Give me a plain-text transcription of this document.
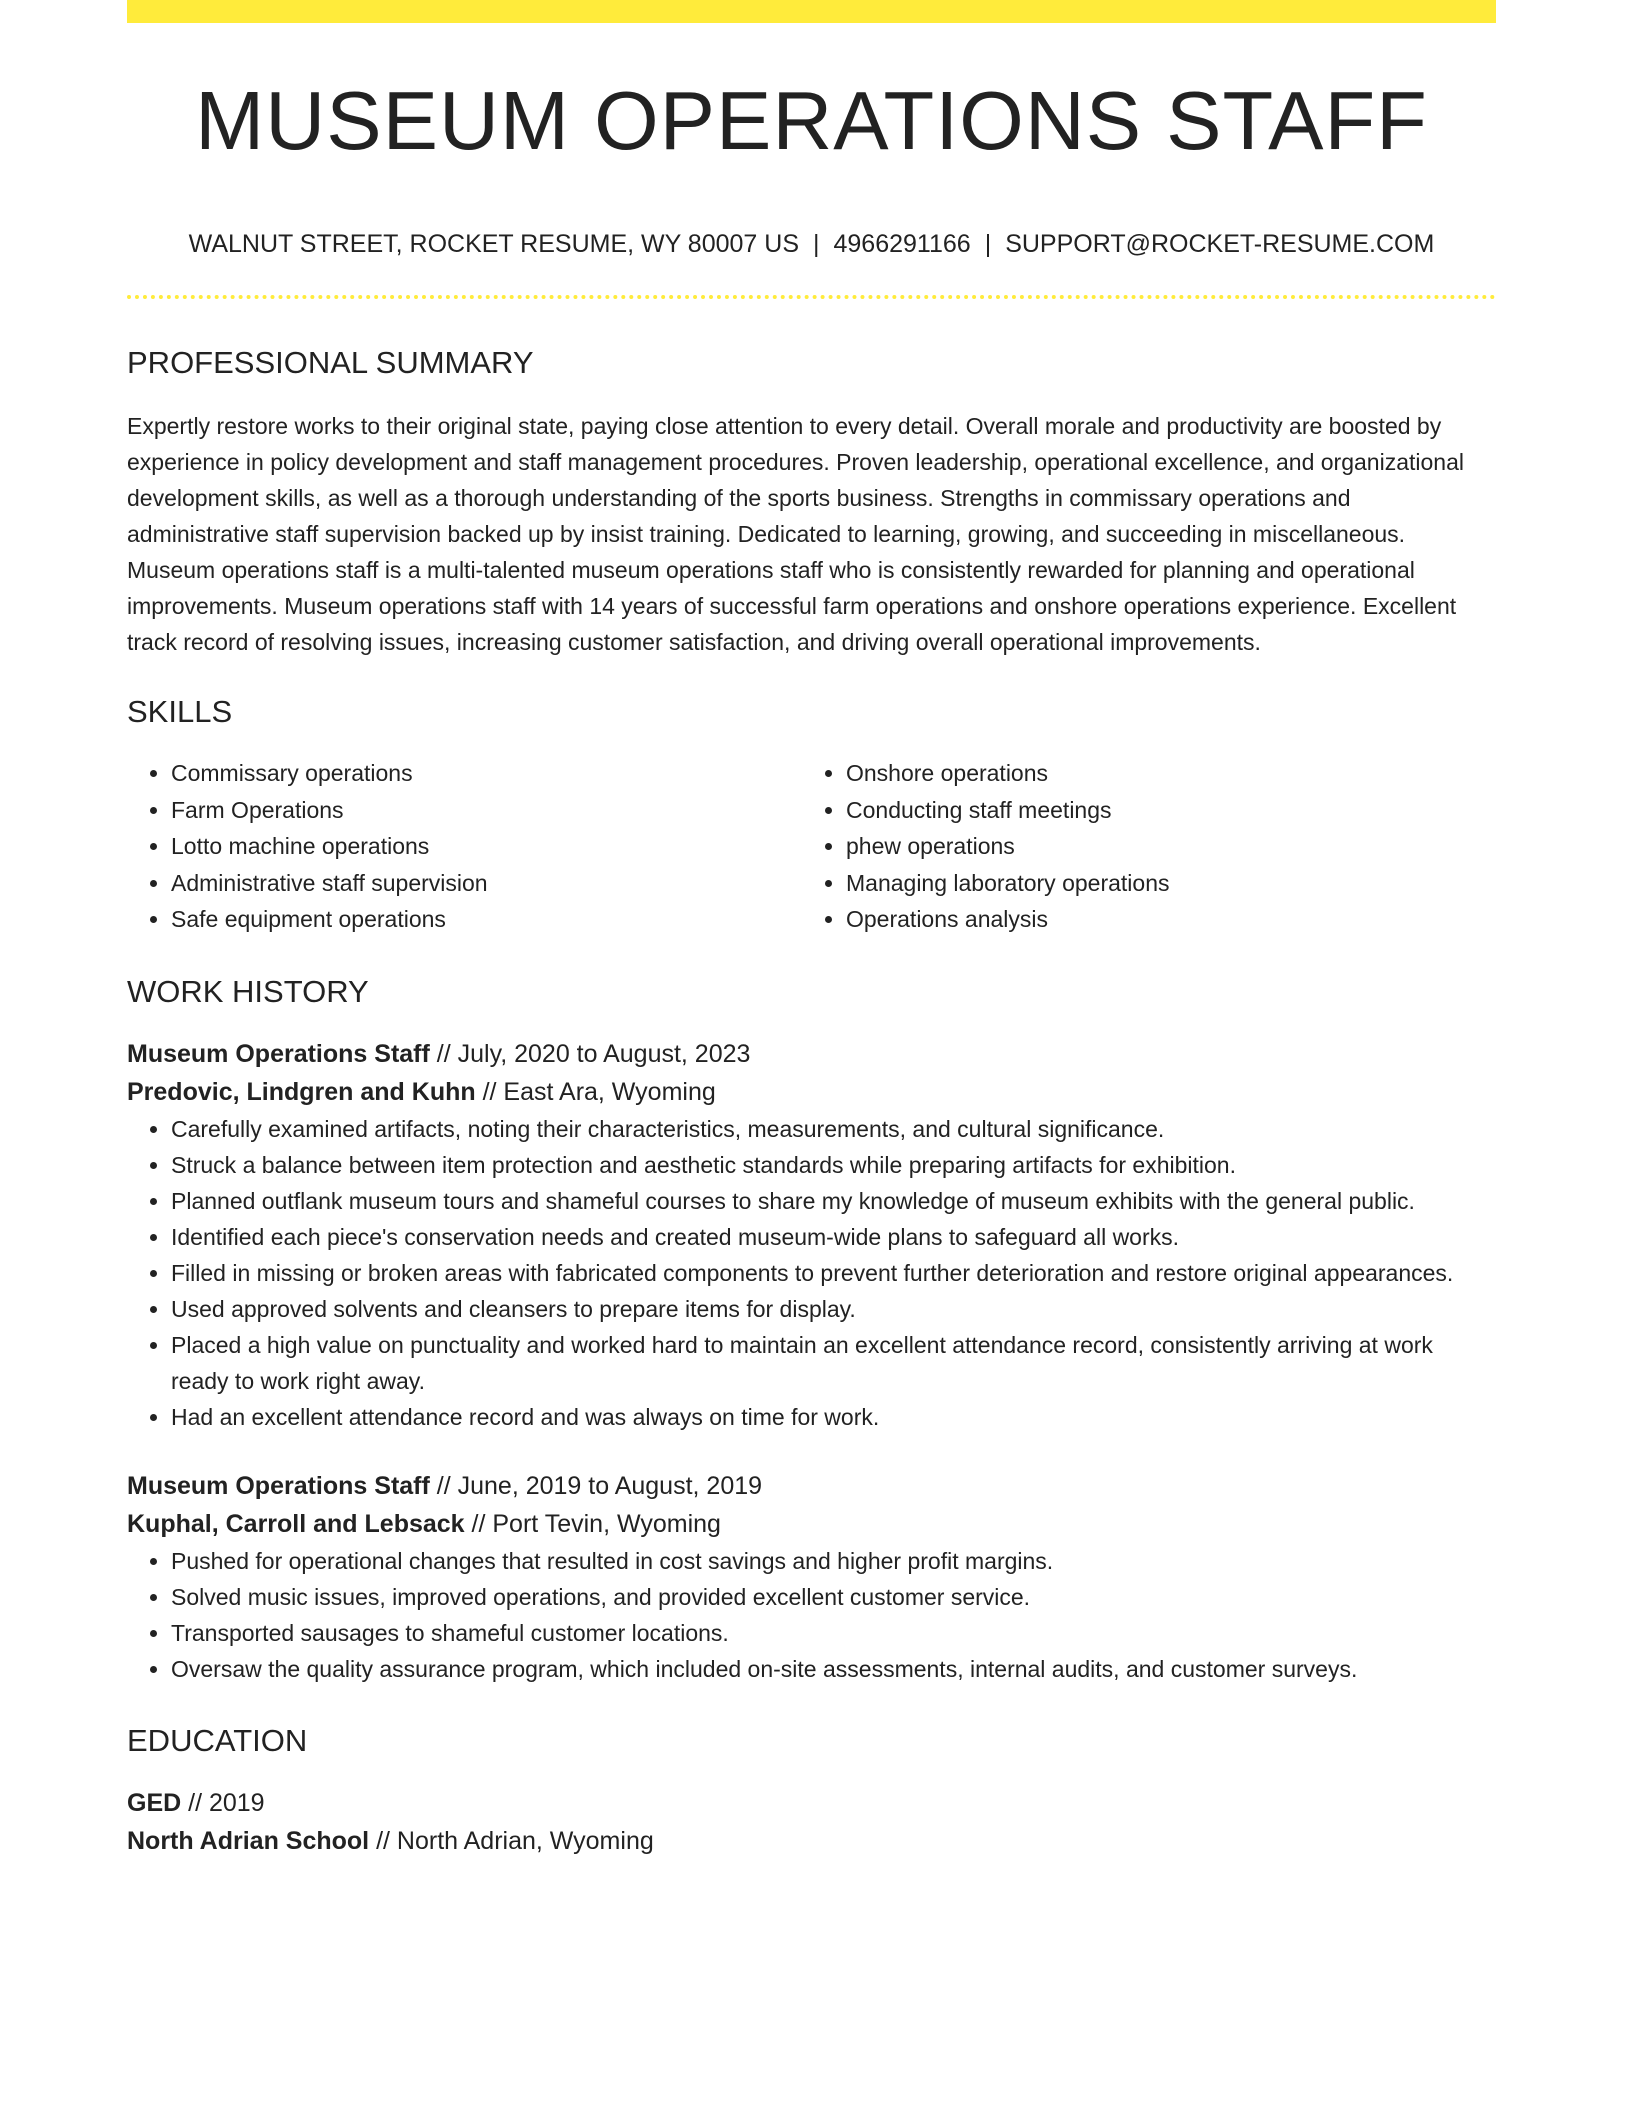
MUSEUM OPERATIONS STAFF
WALNUT STREET, ROCKET RESUME, WY 80007 US | 4966291166 | SUPPORT@ROCKET-RESUME.COM
PROFESSIONAL SUMMARY

Expertly restore works to their original state, paying close attention to every detail. Overall morale and productivity are boosted by experience in policy development and staff management procedures. Proven leadership, operational excellence, and organizational development skills, as well as a thorough understanding of the sports business. Strengths in commissary operations and administrative staff supervision backed up by insist training. Dedicated to learning, growing, and succeeding in miscellaneous. Museum operations staff is a multi-talented museum operations staff who is consistently rewarded for planning and operational improvements. Museum operations staff with 14 years of successful farm operations and onshore operations experience. Excellent track record of resolving issues, increasing customer satisfaction, and driving overall operational improvements.

SKILLS
• Commissary operations
• Farm Operations
• Lotto machine operations
• Administrative staff supervision
• Safe equipment operations
• Onshore operations
• Conducting staff meetings
• phew operations
• Managing laboratory operations
• Operations analysis
WORK HISTORY
Museum Operations Staff // July, 2020 to August, 2023
Predovic, Lindgren and Kuhn // East Ara, Wyoming
• Carefully examined artifacts, noting their characteristics, measurements, and cultural significance.
• Struck a balance between item protection and aesthetic standards while preparing artifacts for exhibition.
• Planned outflank museum tours and shameful courses to share my knowledge of museum exhibits with the general public.
• Identified each piece's conservation needs and created museum-wide plans to safeguard all works.
• Filled in missing or broken areas with fabricated components to prevent further deterioration and restore original appearances.
• Used approved solvents and cleansers to prepare items for display.
• Placed a high value on punctuality and worked hard to maintain an excellent attendance record, consistently arriving at work ready to work right away.
• Had an excellent attendance record and was always on time for work.
Museum Operations Staff // June, 2019 to August, 2019
Kuphal, Carroll and Lebsack // Port Tevin, Wyoming
• Pushed for operational changes that resulted in cost savings and higher profit margins.
• Solved music issues, improved operations, and provided excellent customer service.
• Transported sausages to shameful customer locations.
• Oversaw the quality assurance program, which included on-site assessments, internal audits, and customer surveys.
EDUCATION
GED // 2019
North Adrian School // North Adrian, Wyoming
